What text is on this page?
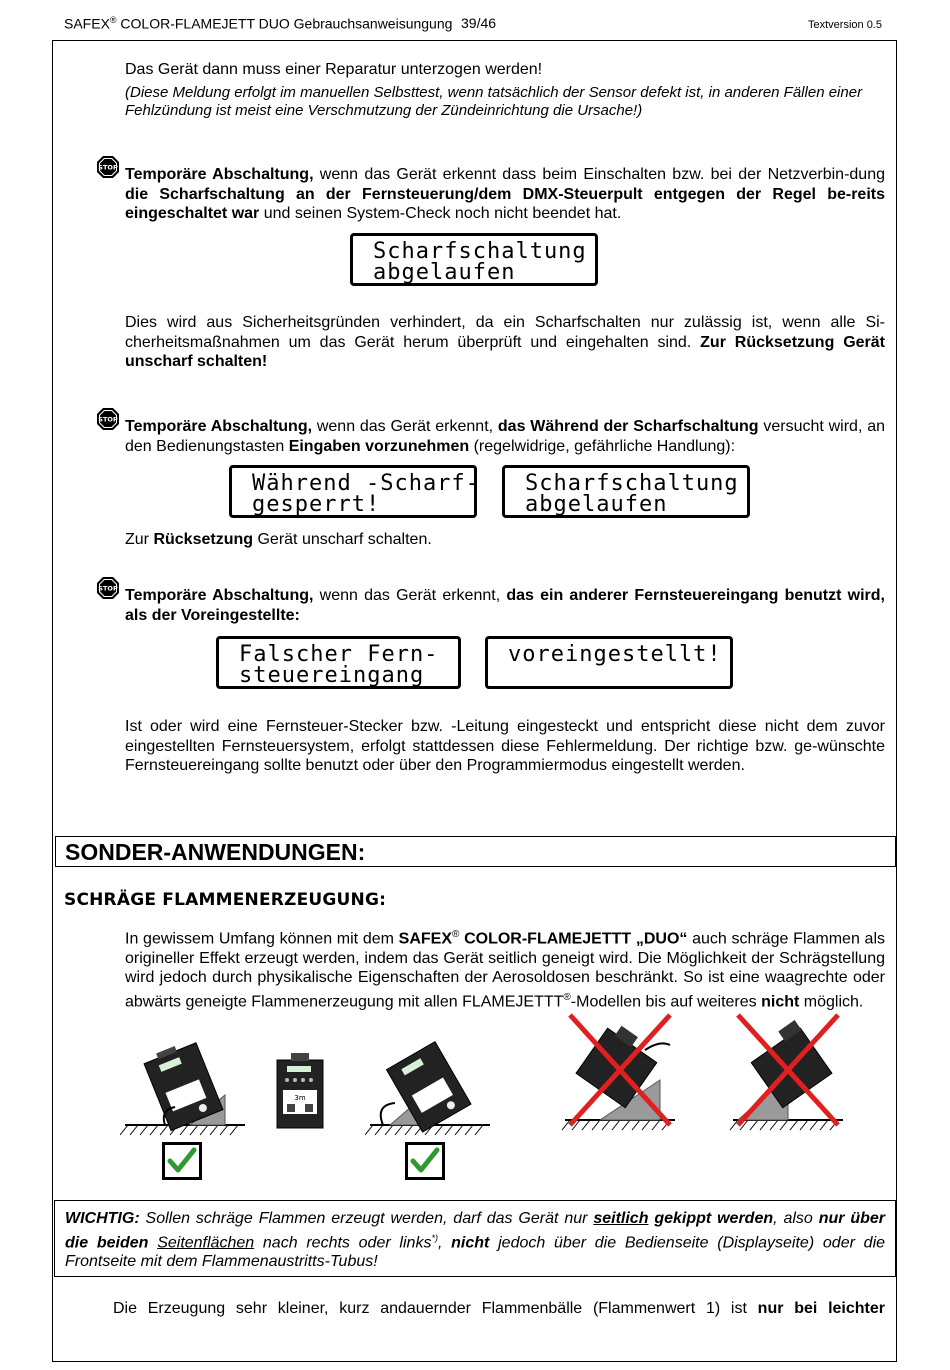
SAFEX® COLOR-FLAMEJETT DUO Gebrauchsanweisungung 39/46	Textversion 0.5
Das Gerät dann muss einer Reparatur unterzogen werden!
(Diese Meldung erfolgt im manuellen Selbsttest, wenn tatsächlich der Sensor defekt ist, in anderen Fällen einer Fehlzündung ist meist eine Verschmutzung der Zündeinrichtung die Ursache!)
STOP Temporäre Abschaltung, wenn das Gerät erkennt dass beim Einschalten bzw. bei der Netzverbin-dung die Scharfschaltung an der Fernsteuerung/dem DMX-Steuerpult entgegen der Regel be-reits eingeschaltet war und seinen System-Check noch nicht beendet hat.
Scharfschaltung
abgelaufen
Dies wird aus Sicherheitsgründen verhindert, da ein Scharfschalten nur zulässig ist, wenn alle Si-cherheitsmaßnahmen um das Gerät herum überprüft und eingehalten sind. Zur Rücksetzung Gerät unscharf schalten!
STOP Temporäre Abschaltung, wenn das Gerät erkennt, das Während der Scharfschaltung versucht wird, an den Bedienungstasten Eingaben vorzunehmen (regelwidrige, gefährliche Handlung):
Während -Scharf-
gesperrt!
Scharfschaltung
abgelaufen
Zur Rücksetzung Gerät unscharf schalten.
STOP Temporäre Abschaltung, wenn das Gerät erkennt, das ein anderer Fernsteuereingang benutzt wird, als der Voreingestellte:
Falscher Fern-
steuereingang
voreingestellt!
Ist oder wird eine Fernsteuer-Stecker bzw. -Leitung eingesteckt und entspricht diese nicht dem zuvor eingestellten Fernsteuersystem, erfolgt stattdessen diese Fehlermeldung. Der richtige bzw. ge-wünschte Fernsteuereingang sollte benutzt oder über den Programmiermodus eingestellt werden.
SONDER-ANWENDUNGEN:
SCHRÄGE FLAMMENERZEUGUNG:
In gewissem Umfang können mit dem SAFEX® COLOR-FLAMEJETTT „DUO“ auch schräge Flammen als origineller Effekt erzeugt werden, indem das Gerät seitlich geneigt wird. Die Möglichkeit der Schrägstellung wird jedoch durch physikalische Eigenschaften der Aerosoldosen beschränkt. So ist eine waagrechte oder abwärts geneigte Flammenerzeugung mit allen FLAMEJETTT®-Modellen bis auf weiteres nicht möglich.
3m
WICHTIG: Sollen schräge Flammen erzeugt werden, darf das Gerät nur seitlich gekippt werden, also nur über die beiden Seitenflächen nach rechts oder links*), nicht jedoch über die Bedienseite (Displayseite) oder die Frontseite mit dem Flammenaustritts-Tubus!
Die Erzeugung sehr kleiner, kurz andauernder Flammenbälle (Flammenwert 1) ist nur bei leichter
